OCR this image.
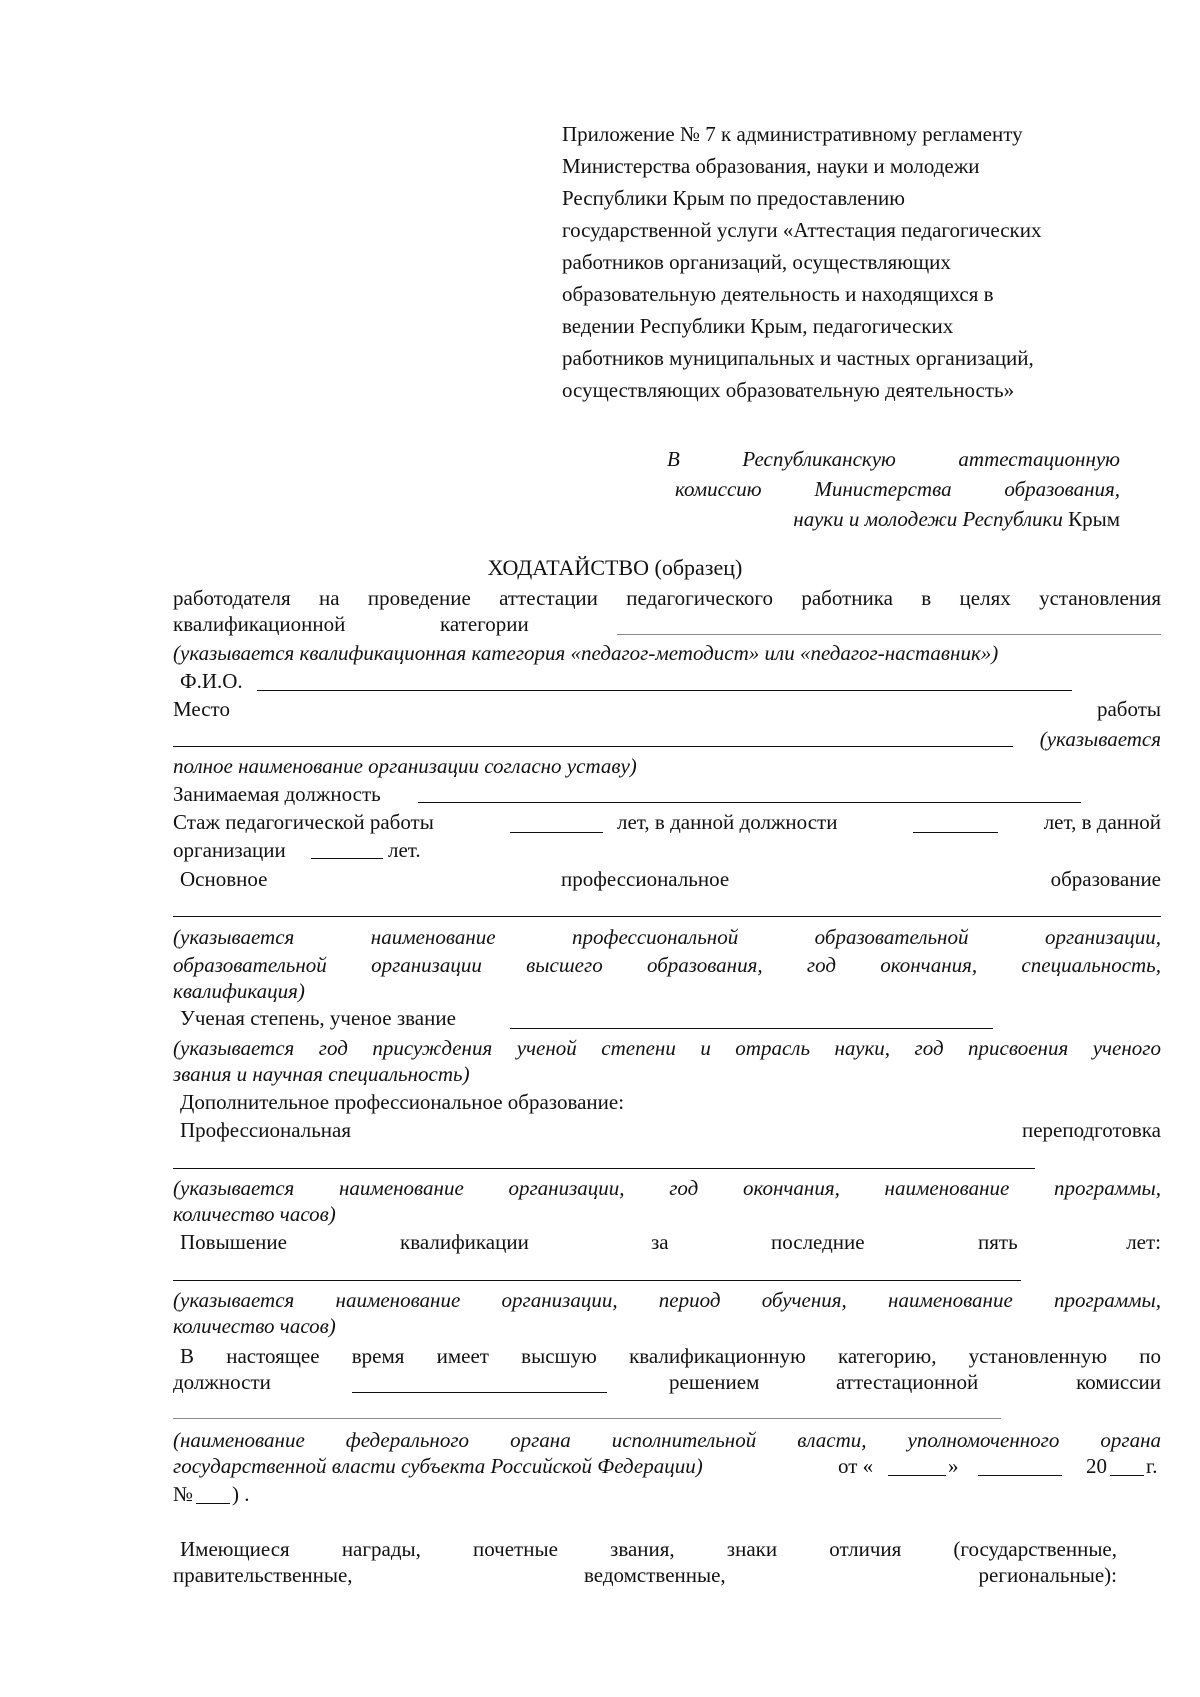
Приложение № 7 к административному регламенту
Министерства образования, науки и молодежи
Республики Крым по предоставлению
государственной услуги «Аттестация педагогических
работников организаций, осуществляющих
образовательную деятельность и находящихся в
ведении Республики Крым, педагогических
работников муниципальных и частных организаций,
осуществляющих образовательную деятельность»
В Республиканскую аттестационную
комиссию Министерства образования,
науки и молодежи Республики Крым
ХОДАТАЙСТВО (образец)
работодателя на проведение аттестации педагогического работника в целях установления
квалификационной	категории
(указывается квалификационная категория «педагог-методист» или «педагог-наставник»)
Ф.И.О.
Место	работы
(указывается
полное наименование организации согласно уставу)
Занимаемая должность
Стаж педагогической работы	лет, в данной должности	лет, в данной
организации	лет.
Основное	профессиональное	образование
(указывается наименование профессиональной образовательной организации,
образовательной организации высшего образования, год окончания, специальность,
квалификация)
Ученая степень, ученое звание
(указывается год присуждения ученой степени и отрасль науки, год присвоения ученого
звания и научная специальность)
Дополнительное профессиональное образование:
Профессиональная	переподготовка
(указывается наименование организации, год окончания, наименование программы,
количество часов)
Повышение	квалификации	за	последние	пять	лет:
(указывается наименование организации, период обучения, наименование программы,
количество часов)
В настоящее время имеет высшую квалификационную категорию, установленную по
должности	решением	аттестационной	комиссии
(наименование федерального органа исполнительной власти, уполномоченного органа
государственной власти субъекта Российской Федерации)	от «	»	20 г.
№ ) .
Имеющиеся награды, почетные звания, знаки отличия (государственные,
правительственные,	ведомственные,	региональные):
